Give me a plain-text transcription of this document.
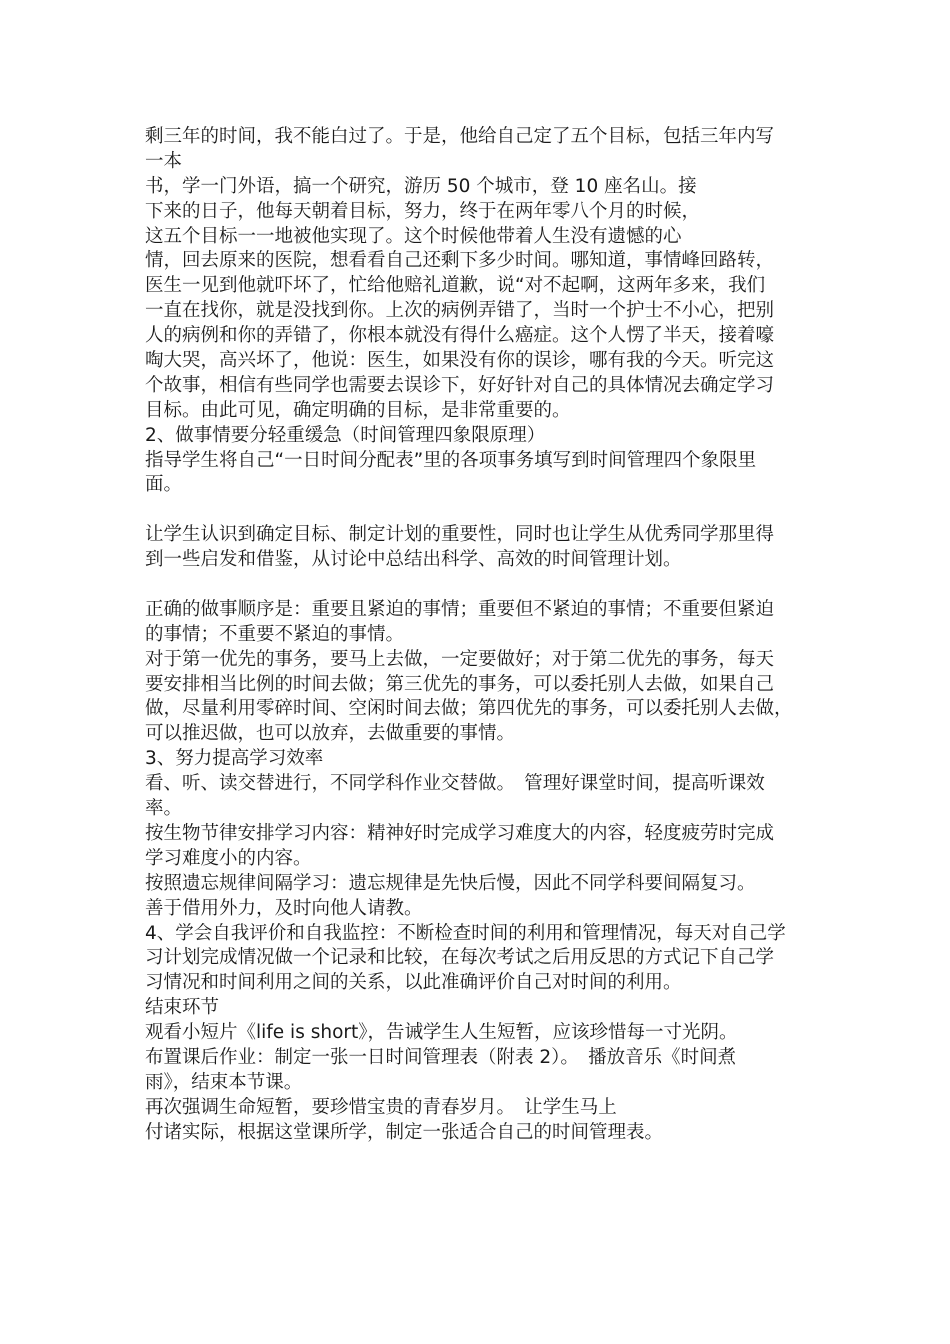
剩三年的时间，我不能白过了。于是，他给自己定了五个目标，包括三年内写
一本
书，学一门外语，搞一个研究，游历 50 个城市，登 10 座名山。接
下来的日子，他每天朝着目标，努力，终于在两年零八个月的时候，
这五个目标一一地被他实现了。这个时候他带着人生没有遗憾的心
情，回去原来的医院，想看看自己还剩下多少时间。哪知道，事情峰回路转，
医生一见到他就吓坏了，忙给他赔礼道歉，说“对不起啊，这两年多来，我们
一直在找你，就是没找到你。上次的病例弄错了，当时一个护士不小心，把别
人的病例和你的弄错了，你根本就没有得什么癌症。这个人愣了半天，接着嚎
啕大哭，高兴坏了，他说：医生，如果没有你的误诊，哪有我的今天。听完这
个故事，相信有些同学也需要去误诊下，好好针对自己的具体情况去确定学习
目标。由此可见，确定明确的目标，是非常重要的。
2、做事情要分轻重缓急（时间管理四象限原理）
指导学生将自己“一日时间分配表”里的各项事务填写到时间管理四个象限里
面。
让学生认识到确定目标、制定计划的重要性，同时也让学生从优秀同学那里得
到一些启发和借鉴，从讨论中总结出科学、高效的时间管理计划。
正确的做事顺序是：重要且紧迫的事情；重要但不紧迫的事情；不重要但紧迫
的事情；不重要不紧迫的事情。
对于第一优先的事务，要马上去做，一定要做好；对于第二优先的事务，每天
要安排相当比例的时间去做；第三优先的事务，可以委托别人去做，如果自己
做，尽量利用零碎时间、空闲时间去做；第四优先的事务，可以委托别人去做，
可以推迟做，也可以放弃，去做重要的事情。
3、努力提高学习效率
看、听、读交替进行，不同学科作业交替做。　管理好课堂时间，提高听课效
率。
按生物节律安排学习内容：精神好时完成学习难度大的内容，轻度疲劳时完成
学习难度小的内容。
按照遗忘规律间隔学习：遗忘规律是先快后慢，因此不同学科要间隔复习。
善于借用外力，及时向他人请教。
4、学会自我评价和自我监控：不断检查时间的利用和管理情况，每天对自己学
习计划完成情况做一个记录和比较，在每次考试之后用反思的方式记下自己学
习情况和时间利用之间的关系，以此准确评价自己对时间的利用。
结束环节
观看小短片《life is short》，告诫学生人生短暂，应该珍惜每一寸光阴。
布置课后作业：制定一张一日时间管理表（附表 2）。　播放音乐《时间煮
雨》，结束本节课。
再次强调生命短暂，要珍惜宝贵的青春岁月。　让学生马上
付诸实际，根据这堂课所学，制定一张适合自己的时间管理表。
